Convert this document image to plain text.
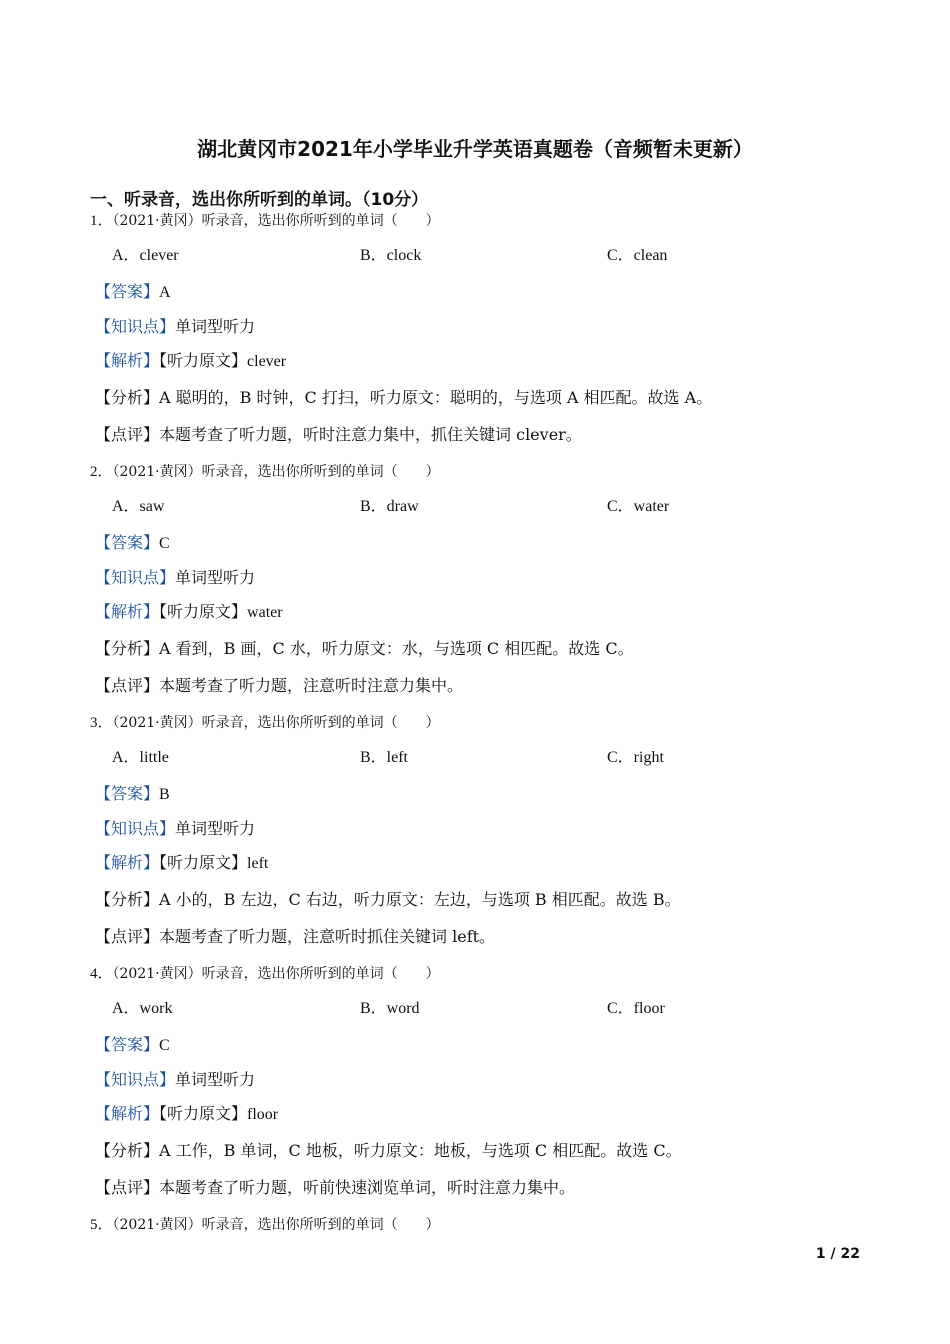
湖北黄冈市2021年小学毕业升学英语真题卷（音频暂未更新）
一、听录音，选出你所听到的单词。（10分）
1．（2021·黄冈）听录音，选出你所听到的单词（　　）
A．clever	B．clock	C．clean
【答案】A
【知识点】单词型听力
【解析】【听力原文】clever
【分析】A 聪明的，B 时钟，C 打扫，听力原文：聪明的，与选项 A 相匹配。故选 A。
【点评】本题考查了听力题，听时注意力集中，抓住关键词 clever。
2．（2021·黄冈）听录音，选出你所听到的单词（　　）
A．saw	B．draw	C．water
【答案】C
【知识点】单词型听力
【解析】【听力原文】water
【分析】A 看到，B 画，C 水，听力原文：水，与选项 C 相匹配。故选 C。
【点评】本题考查了听力题，注意听时注意力集中。
3．（2021·黄冈）听录音，选出你所听到的单词（　　）
A．little	B．left	C．right
【答案】B
【知识点】单词型听力
【解析】【听力原文】left
【分析】A 小的，B 左边，C 右边，听力原文：左边，与选项 B 相匹配。故选 B。
【点评】本题考查了听力题，注意听时抓住关键词 left。
4．（2021·黄冈）听录音，选出你所听到的单词（　　）
A．work	B．word	C．floor
【答案】C
【知识点】单词型听力
【解析】【听力原文】floor
【分析】A 工作，B 单词，C 地板，听力原文：地板，与选项 C 相匹配。故选 C。
【点评】本题考查了听力题，听前快速浏览单词，听时注意力集中。
5．（2021·黄冈）听录音，选出你所听到的单词（　　）
1 / 22
